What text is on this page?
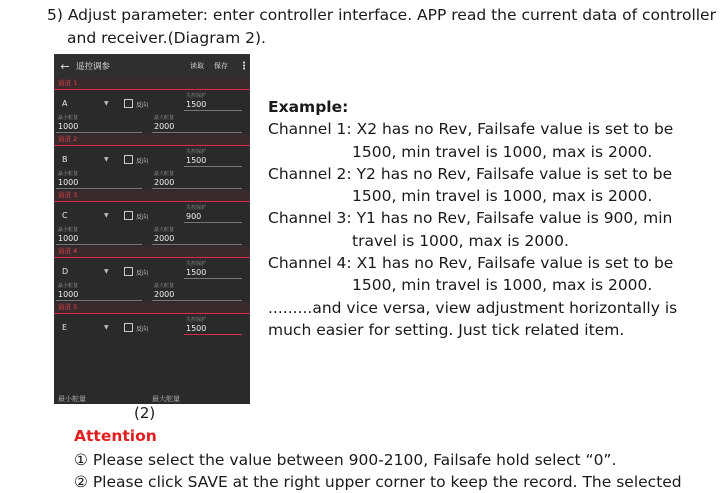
5) Adjust parameter: enter controller interface. APP read the current data of controller
and receiver.(Diagram 2).
← 遥控调参	读取 保存 ⋮
通道 1
A	▼	反向
失控保护
1500
最小舵量
1000
最大舵量
2000
通道 2
B	▼	反向
失控保护
1500
最小舵量
1000
最大舵量
2000
通道 3
C	▼	反向
失控保护
900
最小舵量
1000
最大舵量
2000
通道 4
D	▼	反向
失控保护
1500
最小舵量
1000
最大舵量
2000
通道 5
E	▼	反向
失控保护
1500
最小舵量	最大舵量
(2)
Example:
Channel 1: X2 has no Rev, Failsafe value is set to be
1500, min travel is 1000, max is 2000.
Channel 2: Y2 has no Rev, Failsafe value is set to be
1500, min travel is 1000, max is 2000.
Channel 3: Y1 has no Rev, Failsafe value is 900, min
travel is 1000, max is 2000.
Channel 4: X1 has no Rev, Failsafe value is set to be
1500, min travel is 1000, max is 2000.
.........and vice versa, view adjustment horizontally is
much easier for setting. Just tick related item.
Attention
① Please select the value between 900-2100, Failsafe hold select “0”.
② Please click SAVE at the right upper corner to keep the record. The selected
